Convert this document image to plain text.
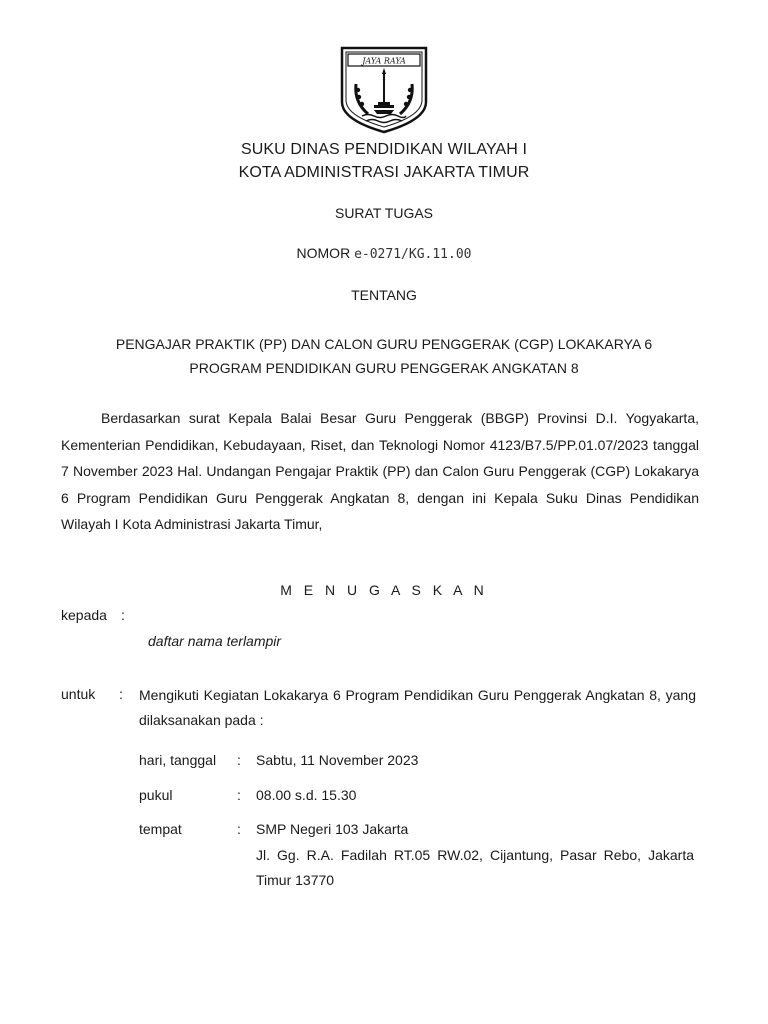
JAYA RAYA
SUKU DINAS PENDIDIKAN WILAYAH I
KOTA ADMINISTRASI JAKARTA TIMUR
SURAT TUGAS
NOMOR e-0271/KG.11.00
TENTANG
PENGAJAR PRAKTIK (PP) DAN CALON GURU PENGGERAK (CGP) LOKAKARYA 6
PROGRAM PENDIDIKAN GURU PENGGERAK ANGKATAN 8
Berdasarkan surat Kepala Balai Besar Guru Penggerak (BBGP) Provinsi D.I. Yogyakarta, Kementerian Pendidikan, Kebudayaan, Riset, dan Teknologi Nomor 4123/B7.5/PP.01.07/2023 tanggal 7 November 2023 Hal. Undangan Pengajar Praktik (PP) dan Calon Guru Penggerak (CGP) Lokakarya 6 Program Pendidikan Guru Penggerak Angkatan 8, dengan ini Kepala Suku Dinas Pendidikan Wilayah I Kota Administrasi Jakarta Timur,
M E N U G A S K A N
kepada :
daftar nama terlampir
untuk : Mengikuti Kegiatan Lokakarya 6 Program Pendidikan Guru Penggerak Angkatan 8, yang dilaksanakan pada :
hari, tanggal : Sabtu, 11 November 2023
pukul	: 08.00 s.d. 15.30
tempat	: SMP Negeri 103 Jakarta
Jl. Gg. R.A. Fadilah RT.05 RW.02, Cijantung, Pasar Rebo, Jakarta Timur 13770
